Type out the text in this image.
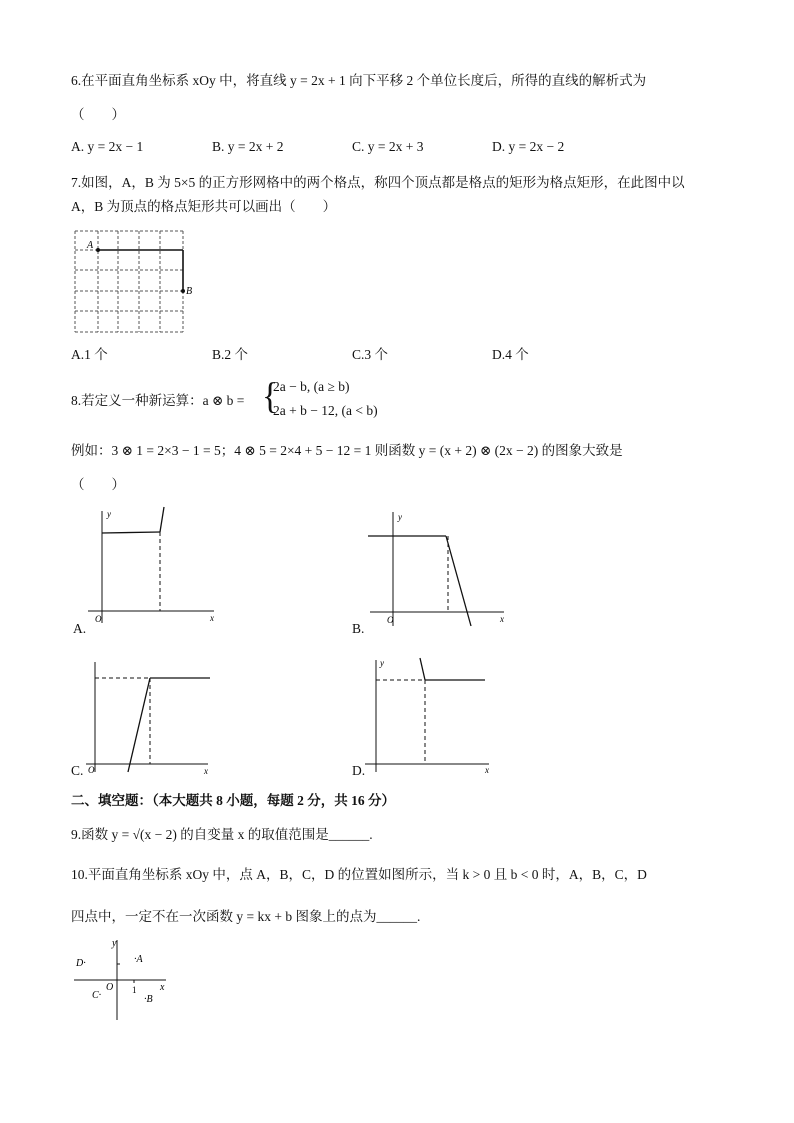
6.在平面直角坐标系 xOy 中，将直线 y = 2x + 1 向下平移 2 个单位长度后，所得的直线的解析式为
（　　）
A. y = 2x − 1	B. y = 2x + 2	C. y = 2x + 3	D. y = 2x − 2
7.如图，A，B 为 5×5 的正方形网格中的两个格点，称四个顶点都是格点的矩形为格点矩形，在此图中以
A，B 为顶点的格点矩形共可以画出（　　）
A
B
A.1 个	B.2 个	C.3 个	D.4 个
8.若定义一种新运算：a ⊗ b = {
2a − b, (a ≥ b)
2a + b − 12, (a < b)
例如：3 ⊗ 1 = 2×3 − 1 = 5；4 ⊗ 5 = 2×4 + 5 − 12 = 1 则函数 y = (x + 2) ⊗ (2x − 2) 的图象大致是
（　　）
y
x
O
A.
y
x
O
B.
x
O
C.
y
x
D.
二、填空题：（本大题共 8 小题，每题 2 分，共 16 分）
9.函数 y = √(x − 2) 的自变量 x 的取值范围是______.
10.平面直角坐标系 xOy 中，点 A，B，C，D 的位置如图所示，当 k > 0 且 b < 0 时，A，B，C，D
四点中，一定不在一次函数 y = kx + b 图象上的点为______.
y
x
O 1
D·	·A
C·	·B
